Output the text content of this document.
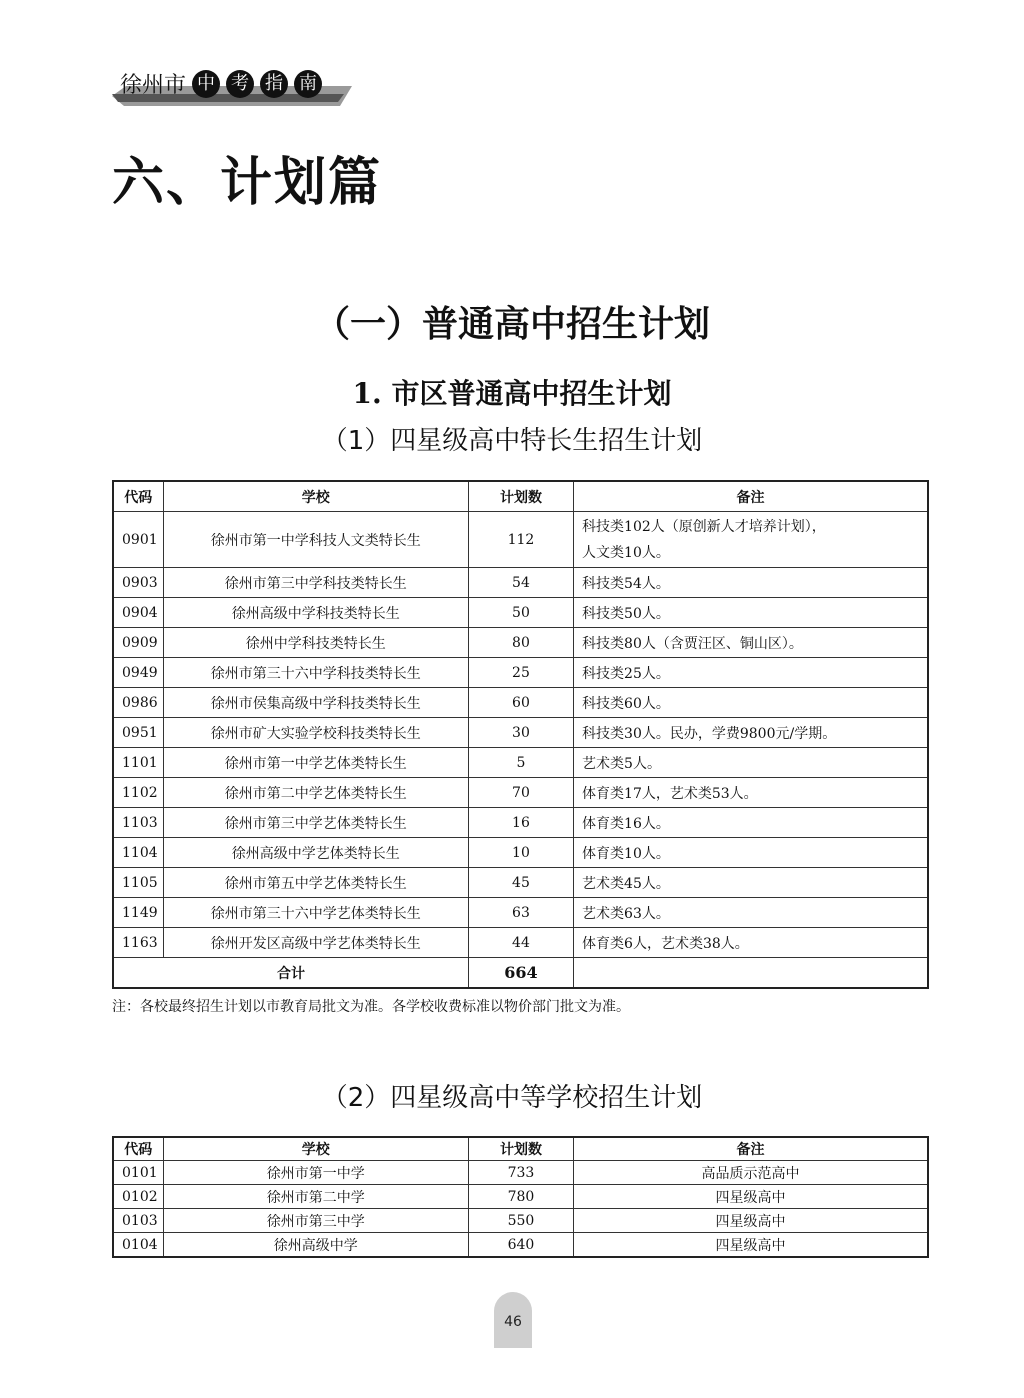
徐州市 中 考 指 南
六、计划篇
（一）普通高中招生计划
1. 市区普通高中招生计划
（1）四星级高中特长生招生计划
代码	学校	计划数	备注
0901	徐州市第一中学科技人文类特长生	112	科技类102人（原创新人才培养计划），
人文类10人。

0903	徐州市第三中学科技类特长生	54	科技类54人。
0904	徐州高级中学科技类特长生	50	科技类50人。
0909	徐州中学科技类特长生	80	科技类80人（含贾汪区、铜山区）。
0949	徐州市第三十六中学科技类特长生	25	科技类25人。
0986	徐州市侯集高级中学科技类特长生	60	科技类60人。
0951	徐州市矿大实验学校科技类特长生	30	科技类30人。民办，学费9800元/学期。
1101	徐州市第一中学艺体类特长生	5	艺术类5人。
1102	徐州市第二中学艺体类特长生	70	体育类17人，艺术类53人。
1103	徐州市第三中学艺体类特长生	16	体育类16人。
1104	徐州高级中学艺体类特长生	10	体育类10人。
1105	徐州市第五中学艺体类特长生	45	艺术类45人。
1149	徐州市第三十六中学艺体类特长生	63	艺术类63人。
1163	徐州开发区高级中学艺体类特长生	44	体育类6人，艺术类38人。
合计		664	
注：各校最终招生计划以市教育局批文为准。各学校收费标准以物价部门批文为准。
（2）四星级高中等学校招生计划
代码	学校	计划数	备注
0101	徐州市第一中学	733	高品质示范高中
0102	徐州市第二中学	780	四星级高中
0103	徐州市第三中学	550	四星级高中
0104	徐州高级中学	640	四星级高中
46
